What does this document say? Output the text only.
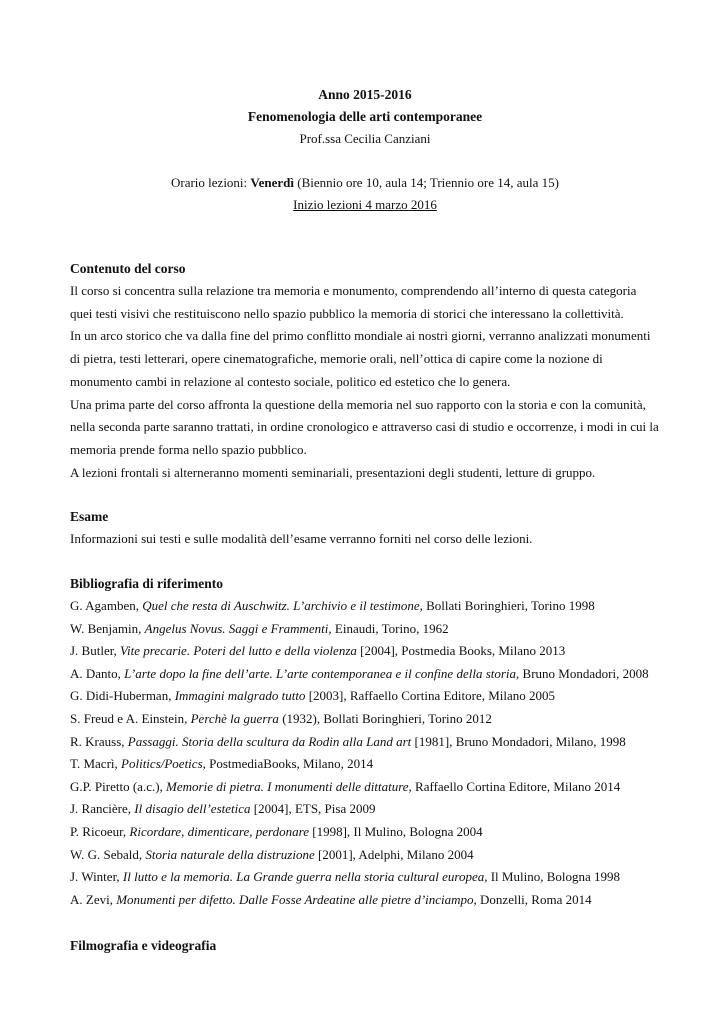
Anno 2015-2016
Fenomenologia delle arti contemporanee
Prof.ssa Cecilia Canziani
Orario lezioni: Venerdì (Biennio ore 10, aula 14; Triennio ore 14, aula 15)
Inizio lezioni 4 marzo 2016
Contenuto del corso

Il corso si concentra sulla relazione tra memoria e monumento, comprendendo all’interno di questa categoria

quei testi visivi che restituiscono nello spazio pubblico la memoria di storici che interessano la collettività.

In un arco storico che va dalla fine del primo conflitto mondiale ai nostri giorni, verranno analizzati monumenti

di pietra, testi letterari, opere cinematografiche, memorie orali, nell’ottica di capire come la nozione di

monumento cambi in relazione al contesto sociale, politico ed estetico che lo genera.

Una prima parte del corso affronta la questione della memoria nel suo rapporto con la storia e con la comunità,

nella seconda parte saranno trattati, in ordine cronologico e attraverso casi di studio e occorrenze, i modi in cui la

memoria prende forma nello spazio pubblico.

A lezioni frontali si alterneranno momenti seminariali, presentazioni degli studenti, letture di gruppo.

Esame

Informazioni sui testi e sulle modalità dell’esame verranno forniti nel corso delle lezioni.

Bibliografia di riferimento

G. Agamben, Quel che resta di Auschwitz. L’archivio e il testimone, Bollati Boringhieri, Torino 1998

W. Benjamin, Angelus Novus. Saggi e Frammenti, Einaudi, Torino, 1962

J. Butler, Vite precarie. Poteri del lutto e della violenza [2004], Postmedia Books, Milano 2013

A. Danto, L’arte dopo la fine dell’arte. L’arte contemporanea e il confine della storia, Bruno Mondadori, 2008

G. Didi-Huberman, Immagini malgrado tutto [2003], Raffaello Cortina Editore, Milano 2005

S. Freud e A. Einstein, Perchè la guerra (1932), Bollati Boringhieri, Torino 2012

R. Krauss, Passaggi. Storia della scultura da Rodin alla Land art [1981], Bruno Mondadori, Milano, 1998

T. Macrì, Politics/Poetics, PostmediaBooks, Milano, 2014

G.P. Piretto (a.c.), Memorie di pietra. I monumenti delle dittature, Raffaello Cortina Editore, Milano 2014

J. Rancière, Il disagio dell’estetica [2004], ETS, Pisa 2009

P. Ricoeur, Ricordare, dimenticare, perdonare [1998], Il Mulino, Bologna 2004

W. G. Sebald, Storia naturale della distruzione [2001], Adelphi, Milano 2004

J. Winter, Il lutto e la memoria. La Grande guerra nella storia cultural europea, Il Mulino, Bologna 1998

A. Zevi, Monumenti per difetto. Dalle Fosse Ardeatine alle pietre d’inciampo, Donzelli, Roma 2014

Filmografia e videografia
